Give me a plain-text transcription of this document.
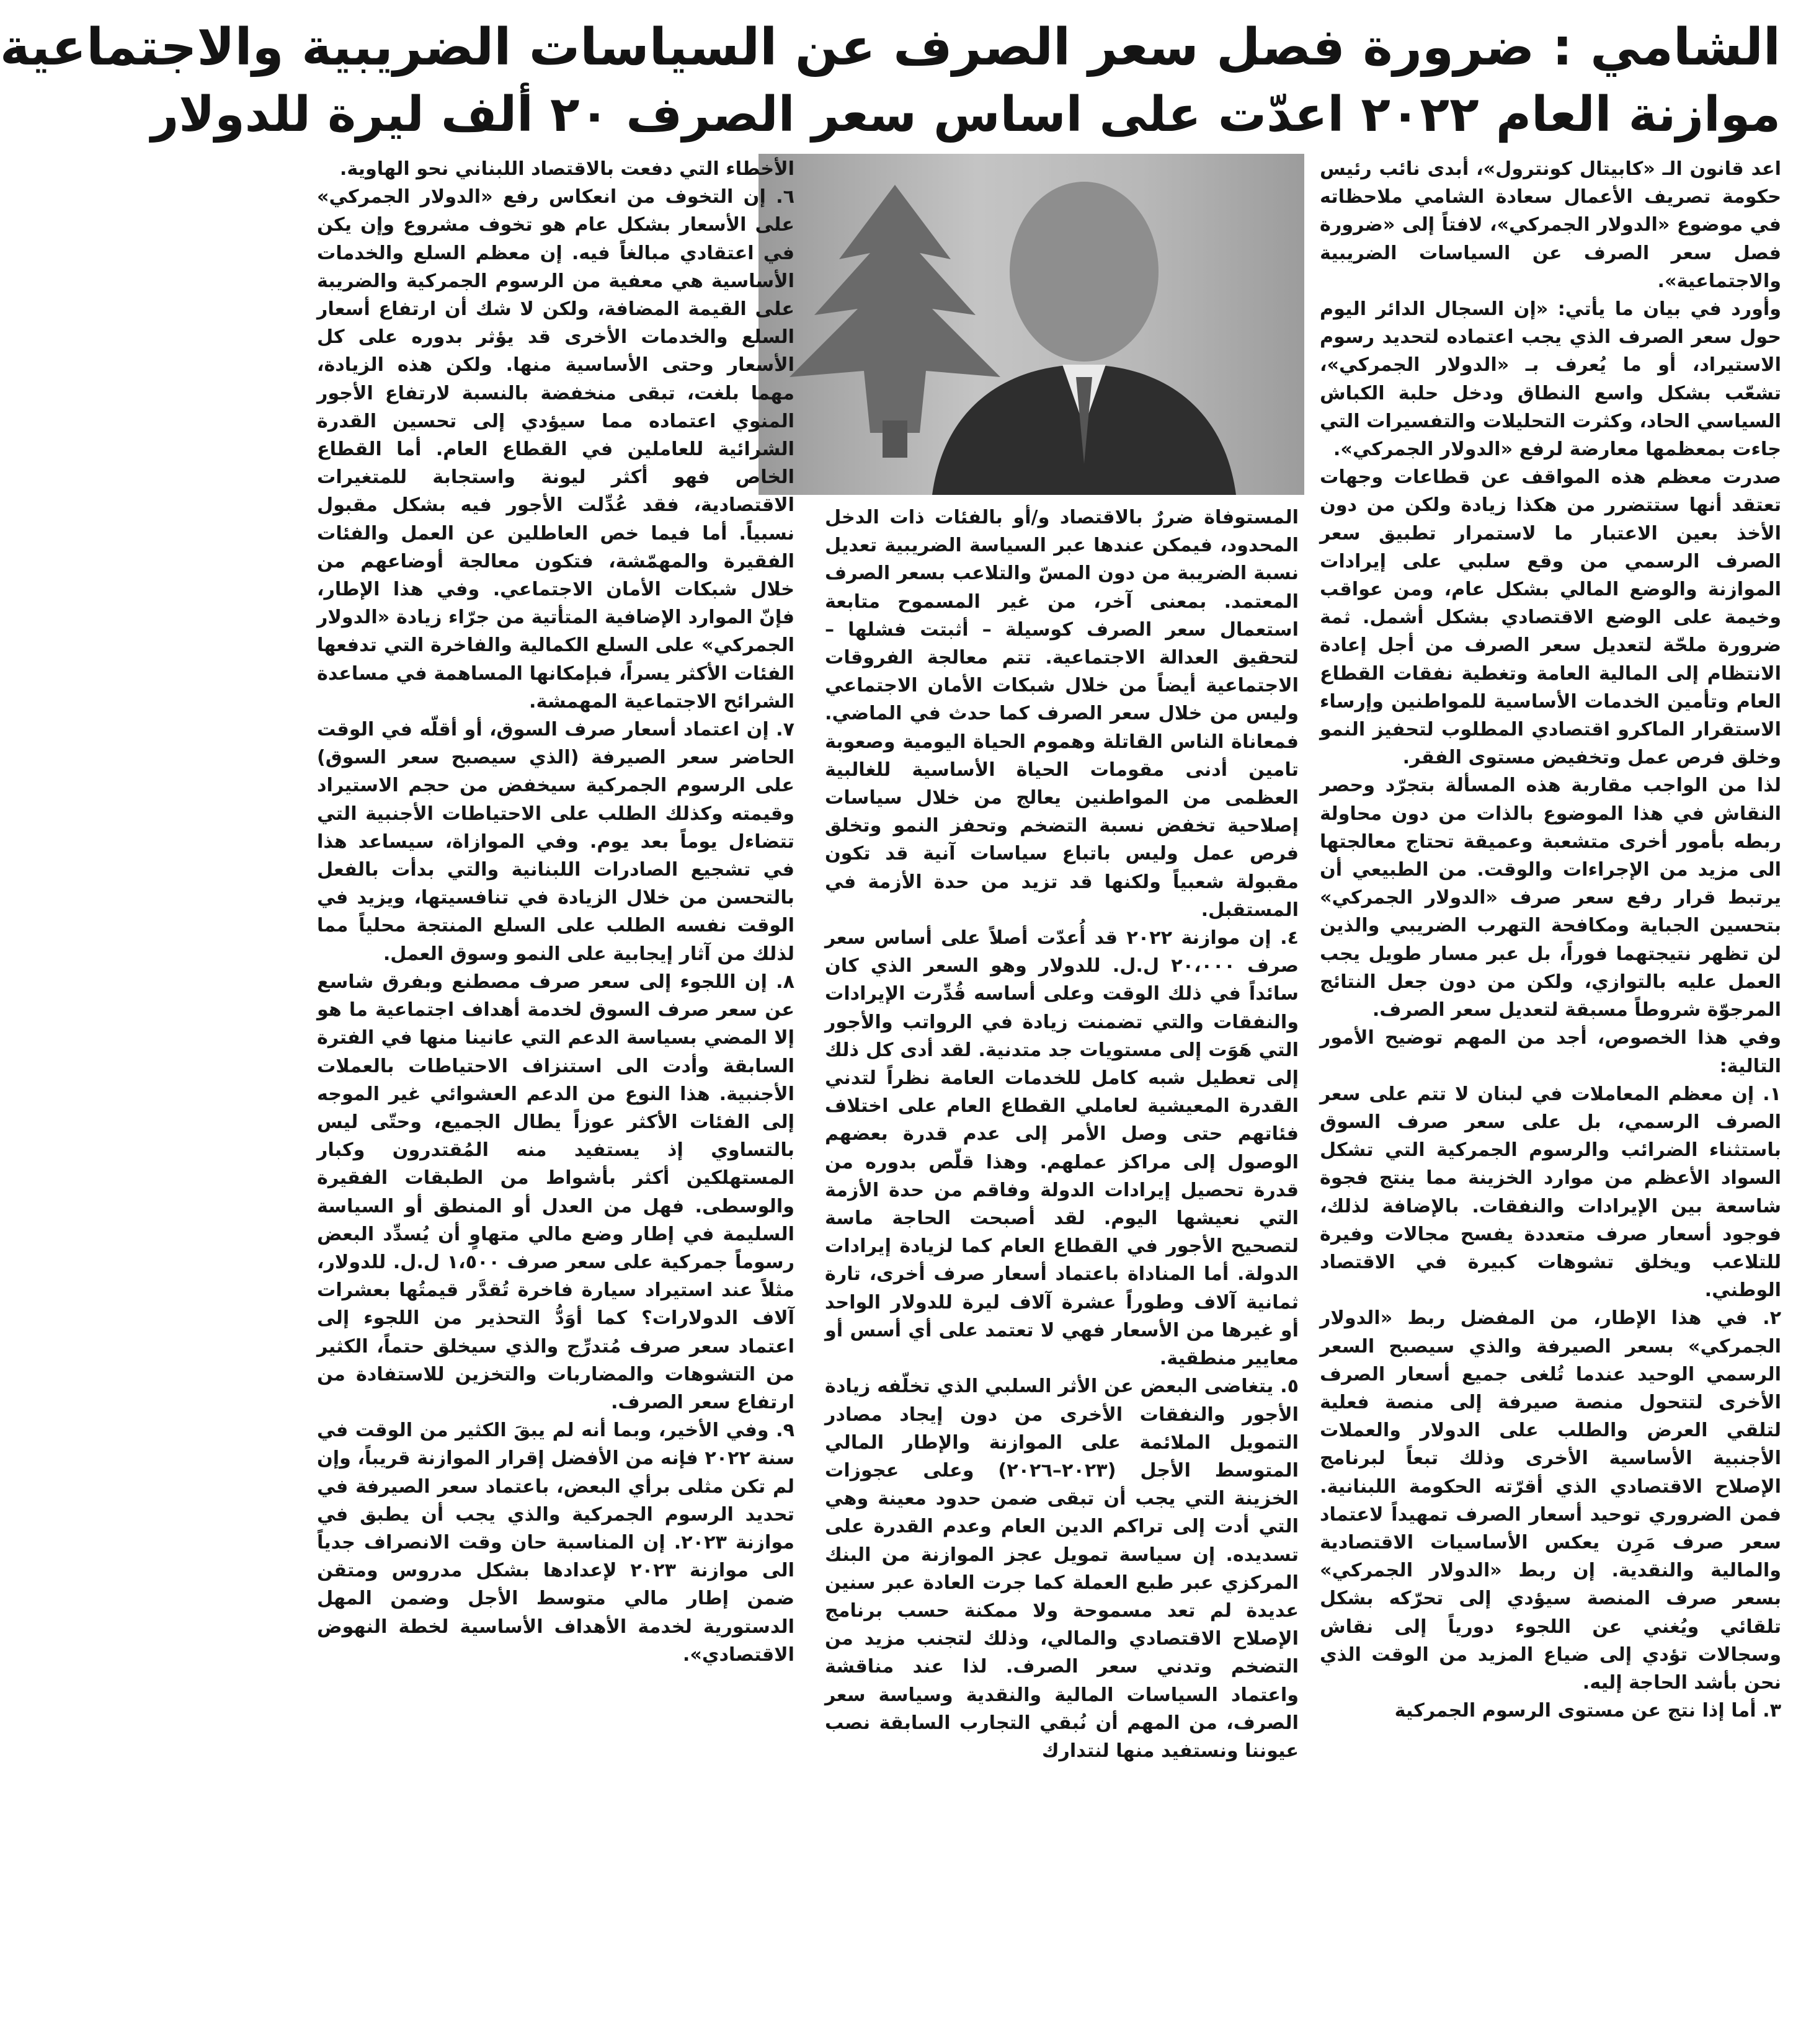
الشامي : ضرورة فصل سعر الصرف عن السياسات الضريبية والاجتماعية
موازنة العام ٢٠٢٢ اعدّت على اساس سعر الصرف ٢٠ ألف ليرة للدولار

اعد قانون الـ «كابيتال كونترول»، أبدى نائب رئيس حكومة تصريف الأعمال سعادة الشامي ملاحظاته في موضوع «الدولار الجمركي»، لافتاً إلى «ضرورة فصل سعر الصرف عن السياسات الضريبية والاجتماعية».

وأورد في بيان ما يأتي: «إن السجال الدائر اليوم حول سعر الصرف الذي يجب اعتماده لتحديد رسوم الاستيراد، أو ما يُعرف بـ «الدولار الجمركي»، تشعّب بشكل واسع النطاق ودخل حلبة الكباش السياسي الحاد، وكثرت التحليلات والتفسيرات التي جاءت بمعظمها معارضة لرفع «الدولار الجمركي».

صدرت معظم هذه المواقف عن قطاعات وجهات تعتقد أنها ستتضرر من هكذا زيادة ولكن من دون الأخذ بعين الاعتبار ما لاستمرار تطبيق سعر الصرف الرسمي من وقع سلبي على إيرادات الموازنة والوضع المالي بشكل عام، ومن عواقب وخيمة على الوضع الاقتصادي بشكل أشمل. ثمة ضرورة ملحّة لتعديل سعر الصرف من أجل إعادة الانتظام إلى المالية العامة وتغطية نفقات القطاع العام وتأمين الخدمات الأساسية للمواطنين وإرساء الاستقرار الماكرو اقتصادي المطلوب لتحفيز النمو وخلق فرص عمل وتخفيض مستوى الفقر.

لذا من الواجب مقاربة هذه المسألة بتجرّد وحصر النقاش في هذا الموضوع بالذات من دون محاولة ربطه بأمور أخرى متشعبة وعميقة تحتاج معالجتها الى مزيد من الإجراءات والوقت. من الطبيعي أن يرتبط قرار رفع سعر صرف «الدولار الجمركي» بتحسين الجباية ومكافحة التهرب الضريبي والذين لن تظهر نتيجتهما فوراً، بل عبر مسار طويل يجب العمل عليه بالتوازي، ولكن من دون جعل النتائج المرجوّة شروطاً مسبقة لتعديل سعر الصرف.

وفي هذا الخصوص، أجد من المهم توضيح الأمور التالية:

١. إن معظم المعاملات في لبنان لا تتم على سعر الصرف الرسمي، بل على سعر صرف السوق باستثناء الضرائب والرسوم الجمركية التي تشكل السواد الأعظم من موارد الخزينة مما ينتج فجوة شاسعة بين الإيرادات والنفقات. بالإضافة لذلك، فوجود أسعار صرف متعددة يفسح مجالات وفيرة للتلاعب ويخلق تشوهات كبيرة في الاقتصاد الوطني.

٢. في هذا الإطار، من المفضل ربط «الدولار الجمركي» بسعر الصيرفة والذي سيصبح السعر الرسمي الوحيد عندما تُلغى جميع أسعار الصرف الأخرى لتتحول منصة صيرفة إلى منصة فعلية لتلقي العرض والطلب على الدولار والعملات الأجنبية الأساسية الأخرى وذلك تبعاً لبرنامج الإصلاح الاقتصادي الذي أقرّته الحكومة اللبنانية. فمن الضروري توحيد أسعار الصرف تمهيداً لاعتماد سعر صرف مَرِن يعكس الأساسيات الاقتصادية والمالية والنقدية. إن ربط «الدولار الجمركي» بسعر صرف المنصة سيؤدي إلى تحرّكه بشكل تلقائي ويُغني عن اللجوء دورياً إلى نقاش وسجالات تؤدي إلى ضياع المزيد من الوقت الذي نحن بأشد الحاجة إليه.

٣. أما إذا نتج عن مستوى الرسوم الجمركية

المستوفاة ضررٌ بالاقتصاد و/أو بالفئات ذات الدخل المحدود، فيمكن عندها عبر السياسة الضريبية تعديل نسبة الضريبة من دون المسّ والتلاعب بسعر الصرف المعتمد. بمعنى آخر، من غير المسموح متابعة استعمال سعر الصرف كوسيلة – أثبتت فشلها – لتحقيق العدالة الاجتماعية. تتم معالجة الفروقات الاجتماعية أيضاً من خلال شبكات الأمان الاجتماعي وليس من خلال سعر الصرف كما حدث في الماضي. فمعاناة الناس القاتلة وهموم الحياة اليومية وصعوبة تامين أدنى مقومات الحياة الأساسية للغالبية العظمى من المواطنين يعالج من خلال سياسات إصلاحية تخفض نسبة التضخم وتحفز النمو وتخلق فرص عمل وليس باتباع سياسات آنية قد تكون مقبولة شعبياً ولكنها قد تزيد من حدة الأزمة في المستقبل.

٤. إن موازنة ٢٠٢٢ قد أُعدّت أصلاً على أساس سعر صرف ٢٠،٠٠٠ ل.ل. للدولار وهو السعر الذي كان سائداً في ذلك الوقت وعلى أساسه قُدِّرت الإيرادات والنفقات والتي تضمنت زيادة في الرواتب والأجور التي هَوَت إلى مستويات جد متدنية. لقد أدى كل ذلك إلى تعطيل شبه كامل للخدمات العامة نظراً لتدني القدرة المعيشية لعاملي القطاع العام على اختلاف فئاتهم حتى وصل الأمر إلى عدم قدرة بعضهم الوصول إلى مراكز عملهم. وهذا قلّص بدوره من قدرة تحصيل إيرادات الدولة وفاقم من حدة الأزمة التي نعيشها اليوم. لقد أصبحت الحاجة ماسة لتصحيح الأجور في القطاع العام كما لزيادة إيرادات الدولة. أما المناداة باعتماد أسعار صرف أخرى، تارة ثمانية آلاف وطوراً عشرة آلاف ليرة للدولار الواحد أو غيرها من الأسعار فهي لا تعتمد على أي أسس أو معايير منطقية.

٥. يتغاضى البعض عن الأثر السلبي الذي تخلّفه زيادة الأجور والنفقات الأخرى من دون إيجاد مصادر التمويل الملائمة على الموازنة والإطار المالي المتوسط الأجل (٢٠٢٣–٢٠٢٦) وعلى عجوزات الخزينة التي يجب أن تبقى ضمن حدود معينة وهي التي أدت إلى تراكم الدين العام وعدم القدرة على تسديده. إن سياسة تمويل عجز الموازنة من البنك المركزي عبر طبع العملة كما جرت العادة عبر سنين عديدة لم تعد مسموحة ولا ممكنة حسب برنامج الإصلاح الاقتصادي والمالي، وذلك لتجنب مزيد من التضخم وتدني سعر الصرف. لذا عند مناقشة واعتماد السياسات المالية والنقدية وسياسة سعر الصرف، من المهم أن نُبقي التجارب السابقة نصب عيوننا ونستفيد منها لنتدارك

الأخطاء التي دفعت بالاقتصاد اللبناني نحو الهاوية.

٦. إن التخوف من انعكاس رفع «الدولار الجمركي» على الأسعار بشكل عام هو تخوف مشروع وإن يكن في اعتقادي مبالغاً فيه. إن معظم السلع والخدمات الأساسية هي معفية من الرسوم الجمركية والضريبة على القيمة المضافة، ولكن لا شك أن ارتفاع أسعار السلع والخدمات الأخرى قد يؤثر بدوره على كل الأسعار وحتى الأساسية منها. ولكن هذه الزيادة، مهما بلغت، تبقى منخفضة بالنسبة لارتفاع الأجور المنوي اعتماده مما سيؤدي إلى تحسين القدرة الشرائية للعاملين في القطاع العام. أما القطاع الخاص فهو أكثر ليونة واستجابة للمتغيرات الاقتصادية، فقد عُدِّلت الأجور فيه بشكل مقبول نسبياً. أما فيما خص العاطلين عن العمل والفئات الفقيرة والمهمّشة، فتكون معالجة أوضاعهم من خلال شبكات الأمان الاجتماعي. وفي هذا الإطار، فإنّ الموارد الإضافية المتأتية من جرّاء زيادة «الدولار الجمركي» على السلع الكمالية والفاخرة التي تدفعها الفئات الأكثر يسراً، فبإمكانها المساهمة في مساعدة الشرائح الاجتماعية المهمشة.

٧. إن اعتماد أسعار صرف السوق، أو أقلّه في الوقت الحاضر سعر الصيرفة (الذي سيصبح سعر السوق) على الرسوم الجمركية سيخفض من حجم الاستيراد وقيمته وكذلك الطلب على الاحتياطات الأجنبية التي تتضاءل يوماً بعد يوم. وفي الموازاة، سيساعد هذا في تشجيع الصادرات اللبنانية والتي بدأت بالفعل بالتحسن من خلال الزيادة في تنافسيتها، ويزيد في الوقت نفسه الطلب على السلع المنتجة محلياً مما لذلك من آثار إيجابية على النمو وسوق العمل.

٨. إن اللجوء إلى سعر صرف مصطنع وبفرق شاسع عن سعر صرف السوق لخدمة أهداف اجتماعية ما هو إلا المضي بسياسة الدعم التي عانينا منها في الفترة السابقة وأدت الى استنزاف الاحتياطات بالعملات الأجنبية. هذا النوع من الدعم العشوائي غير الموجه إلى الفئات الأكثر عوزاً يطال الجميع، وحتّى ليس بالتساوي إذ يستفيد منه المُقتدرون وكبار المستهلكين أكثر بأشواط من الطبقات الفقيرة والوسطى. فهل من العدل أو المنطق أو السياسة السليمة في إطار وضع مالي متهاوٍ أن يُسدِّد البعض رسوماً جمركية على سعر صرف ١،٥٠٠ ل.ل. للدولار، مثلاً عند استيراد سيارة فاخرة تُقدَّر قيمتُها بعشرات آلاف الدولارات؟ كما أوَدُّ التحذير من اللجوء إلى اعتماد سعر صرف مُتدرِّج والذي سيخلق حتماً، الكثير من التشوهات والمضاربات والتخزين للاستفادة من ارتفاع سعر الصرف.

٩. وفي الأخير، وبما أنه لم يبقَ الكثير من الوقت في سنة ٢٠٢٢ فإنه من الأفضل إقرار الموازنة قريباً، وإن لم تكن مثلى برأي البعض، باعتماد سعر الصيرفة في تحديد الرسوم الجمركية والذي يجب أن يطبق في موازنة ٢٠٢٣. إن المناسبة حان وقت الانصراف جدياً الى موازنة ٢٠٢٣ لإعدادها بشكل مدروس ومتقن ضمن إطار مالي متوسط الأجل وضمن المهل الدستورية لخدمة الأهداف الأساسية لخطة النهوض الاقتصادي».
